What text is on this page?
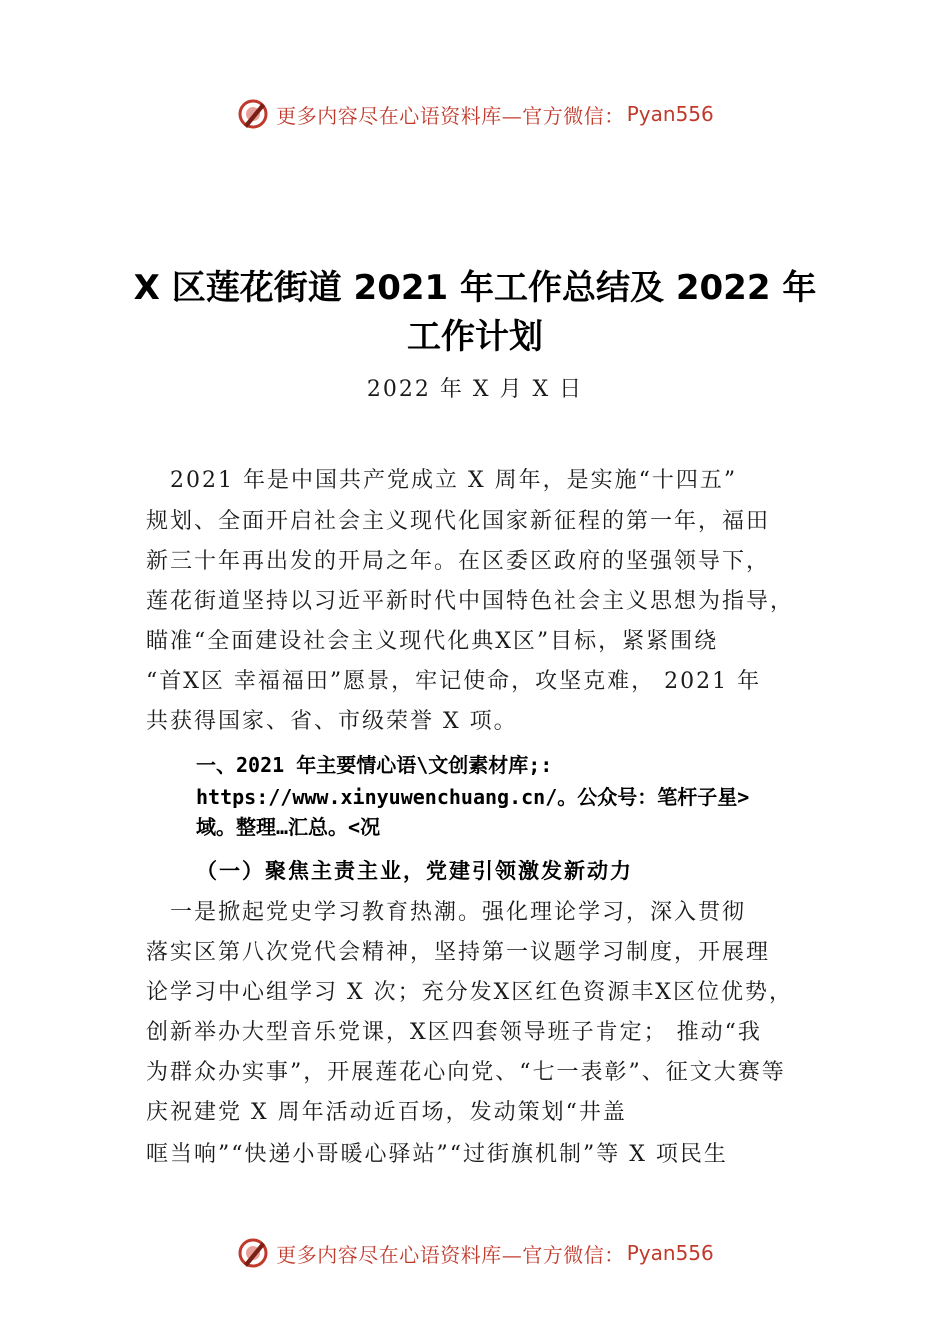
更多内容尽在心语资料库—官方微信： Pyan556
X 区莲花街道 2021 年工作总结及 2022 年
工作计划
2022 年 X 月 X 日
　2021 年是中国共产党成立 X 周年，是实施“十四五”
规划、全面开启社会主义现代化国家新征程的第一年，福田
新三十年再出发的开局之年。在区委区政府的坚强领导下，
莲花街道坚持以习近平新时代中国特色社会主义思想为指导，
瞄准“全面建设社会主义现代化典X区”目标，紧紧围绕
“首X区 幸福福田”愿景，牢记使命，攻坚克难， 2021 年
共获得国家、省、市级荣誉 X 项。
一、2021 年主要情心语\文创素材库;:
https://www.xinyuwenchuang.cn/。公众号：笔杆子星>
域。整理…汇总。<况
（一）聚焦主责主业，党建引领激发新动力
　一是掀起党史学习教育热潮。强化理论学习，深入贯彻
落实区第八次党代会精神，坚持第一议题学习制度，开展理
论学习中心组学习 X 次；充分发X区红色资源丰X区位优势，
创新举办大型音乐党课，X区四套领导班子肯定； 推动“我
为群众办实事”，开展莲花心向党、“七一表彰”、征文大赛等
庆祝建党 X 周年活动近百场，发动策划“井盖
哐当响”“快递小哥暖心驿站”“过街旗机制”等 X 项民生
更多内容尽在心语资料库—官方微信： Pyan556
